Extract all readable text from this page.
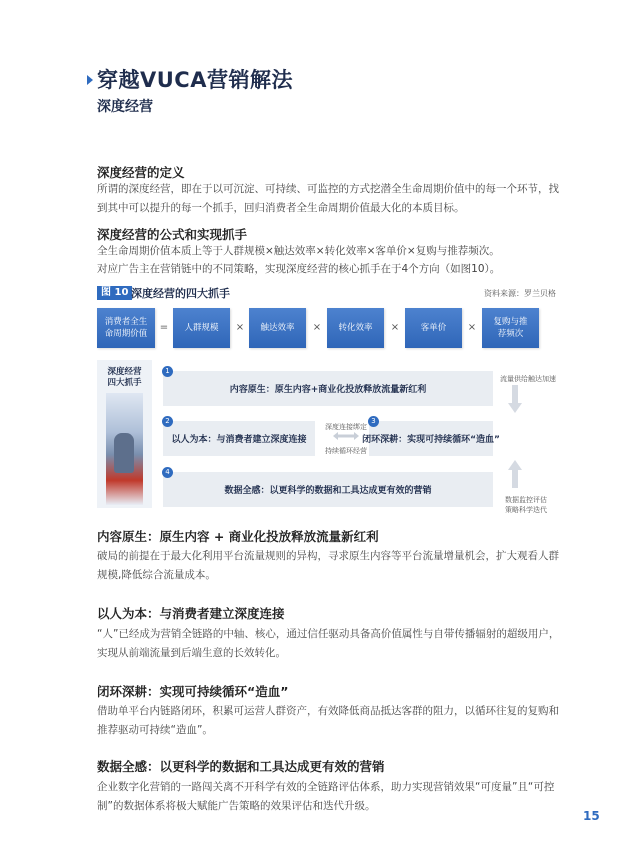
穿越VUCA营销解法
深度经营
深度经营的定义
所谓的深度经营，即在于以可沉淀、可持续、可监控的方式挖潜全生命周期价值中的每一个环节，找到其中可以提升的每一个抓手，回归消费者全生命周期价值最大化的本质目标。
深度经营的公式和实现抓手
全生命周期价值本质上等于人群规模×触达效率×转化效率×客单价×复购与推荐频次。
对应广告主在营销链中的不同策略，实现深度经营的核心抓手在于4个方向（如图10）。
图 10 深度经营的四大抓手	资料来源：罗兰贝格
消费者全生命周期价值
=	人群规模	×	触达效率	×	转化效率	×	客单价	× 复购与推荐频次
深度经营四大抓手
内容原生：原生内容+商业化投放释放流量新红利
1
以人为本：与消费者建立深度连接
2
闭环深耕：实现可持续循环“造血”
3
数据全感：以更科学的数据和工具达成更有效的营销
4
深度连接绑定
持续循环经营
流量供给触达加速
数据监控评估
策略科学迭代
内容原生：原生内容 + 商业化投放释放流量新红利
破局的前提在于最大化利用平台流量规则的异构，寻求原生内容等平台流量增量机会，扩大观看人群规模,降低综合流量成本。
以人为本：与消费者建立深度连接
“人”已经成为营销全链路的中轴、核心，通过信任驱动具备高价值属性与自带传播辐射的超级用户，实现从前端流量到后端生意的长效转化。
闭环深耕：实现可持续循环“造血”
借助单平台内链路闭环，积累可运营人群资产，有效降低商品抵达客群的阻力，以循环往复的复购和推荐驱动可持续“造血”。
数据全感：以更科学的数据和工具达成更有效的营销
企业数字化营销的一路闯关离不开科学有效的全链路评估体系，助力实现营销效果“可度量”且“可控制”的数据体系将极大赋能广告策略的效果评估和迭代升级。
15
